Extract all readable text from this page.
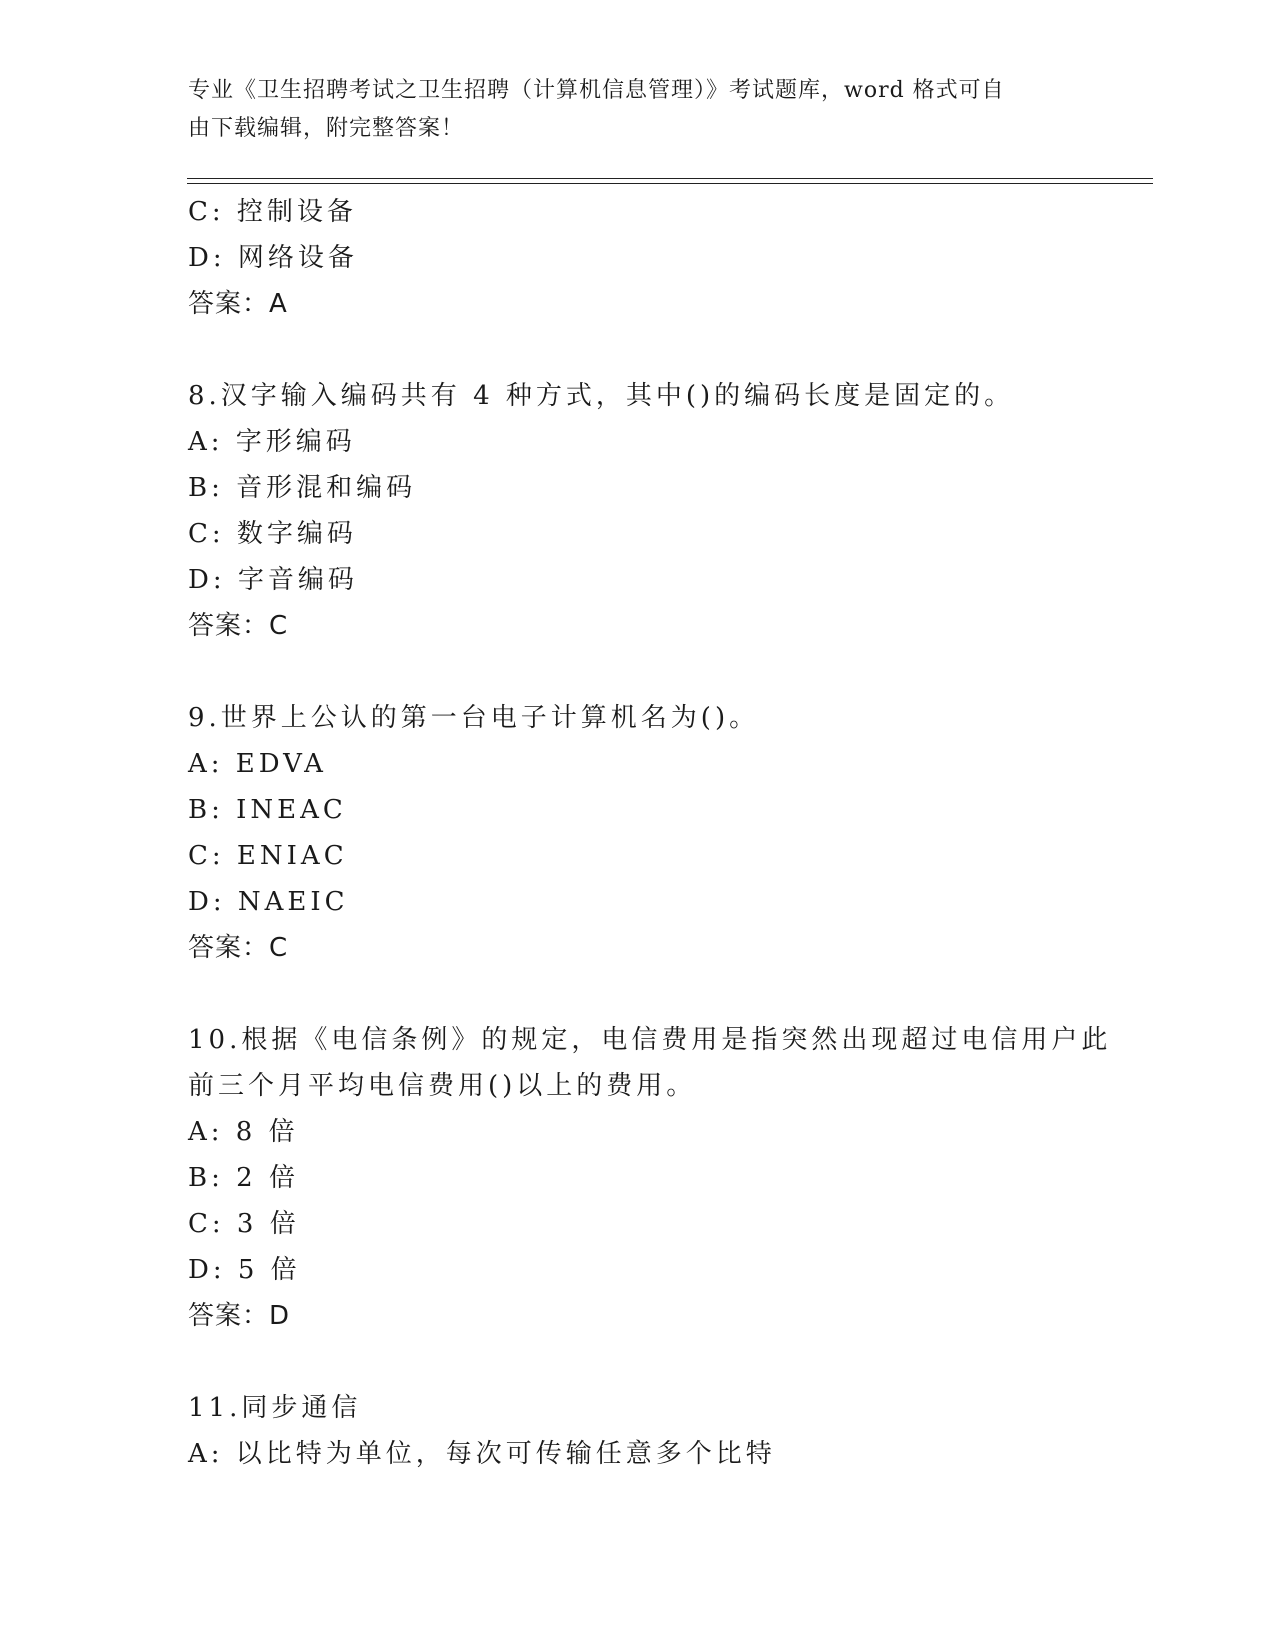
专业《卫生招聘考试之卫生招聘（计算机信息管理）》考试题库，word 格式可自
由下载编辑，附完整答案！
C: 控制设备
D: 网络设备
答案：A
8.汉字输入编码共有 4 种方式，其中()的编码长度是固定的。
A: 字形编码
B: 音形混和编码
C: 数字编码
D: 字音编码
答案：C
9.世界上公认的第一台电子计算机名为()。
A: EDVA
B: INEAC
C: ENIAC
D: NAEIC
答案：C
10.根据《电信条例》的规定，电信费用是指突然出现超过电信用户此
前三个月平均电信费用()以上的费用。
A: 8 倍
B: 2 倍
C: 3 倍
D: 5 倍
答案：D
11.同步通信
A: 以比特为单位，每次可传输任意多个比特
